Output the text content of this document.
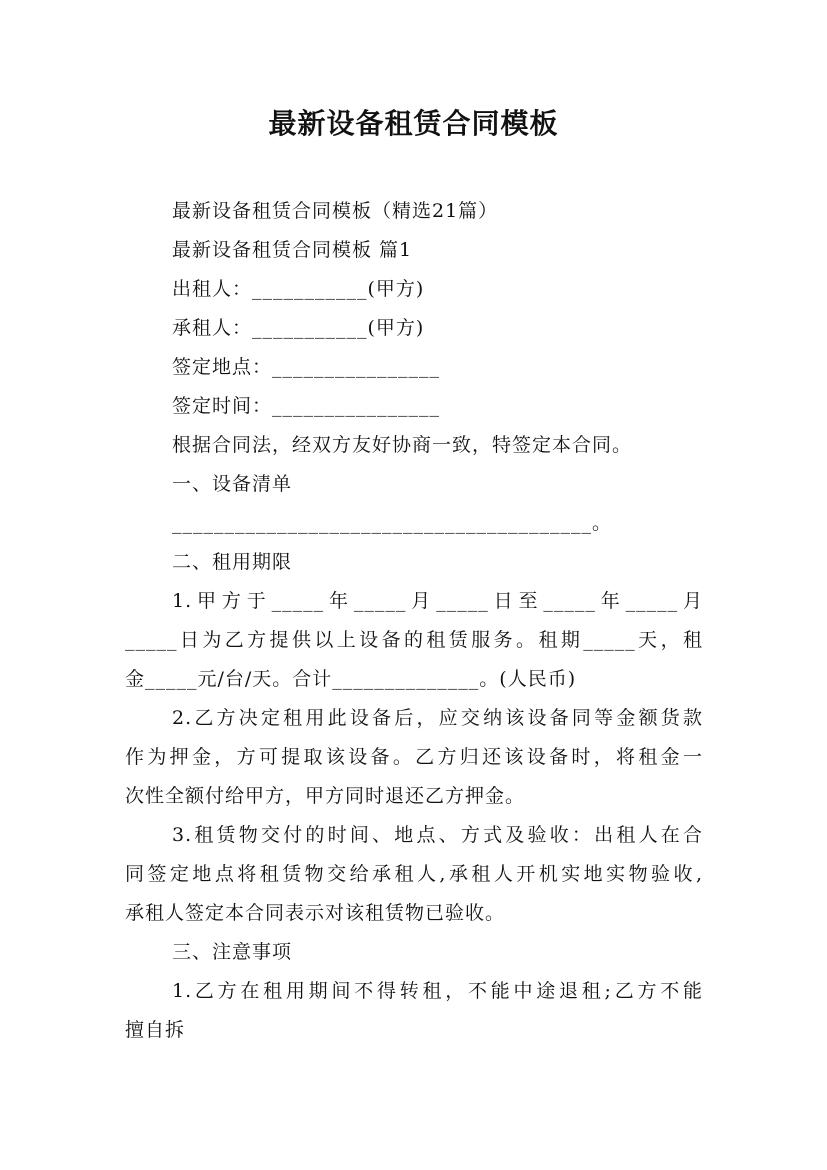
最新设备租赁合同模板
最新设备租赁合同模板（精选21篇）
最新设备租赁合同模板 篇1
出租人：___________(甲方)
承租人：___________(甲方)
签定地点：________________
签定时间：________________
根据合同法，经双方友好协商一致，特签定本合同。
一、设备清单
________________________________________。
二、租用期限
1.甲方于_____年_____月_____日至_____年_____月
_____日为乙方提供以上设备的租赁服务。租期_____天，租
金_____元/台/天。合计______________。(人民币)
2.乙方决定租用此设备后，应交纳该设备同等金额货款
作为押金，方可提取该设备。乙方归还该设备时，将租金一
次性全额付给甲方，甲方同时退还乙方押金。
3.租赁物交付的时间、地点、方式及验收：出租人在合
同签定地点将租赁物交给承租人,承租人开机实地实物验收,
承租人签定本合同表示对该租赁物已验收。
三、注意事项
1.乙方在租用期间不得转租，不能中途退租;乙方不能
擅自拆
